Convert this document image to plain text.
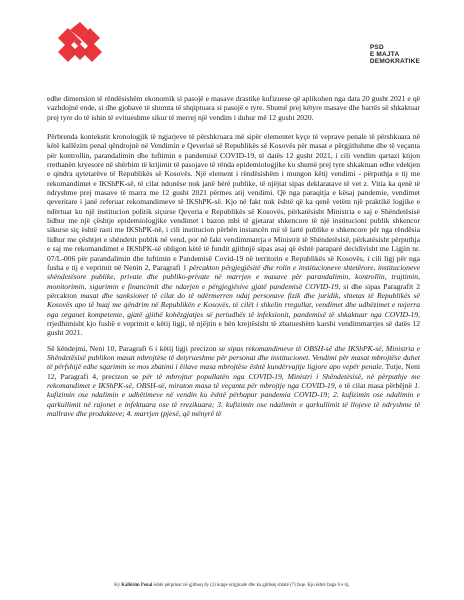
PSD
E MAJTA
DEMOKRATIKE

edhe dimension të rëndësishëm ekonomik si pasojë e masave drastike kufizuese që aplikohen nga data 20 gusht 2021 e që vazhdojnë ende, si dhe gjobave të shumta të shqiptuara si pasojë e tyre. Shumë prej këtyre masave dhe barrës së shkaktuar prej tyre do të ishin të evitueshme sikur të merrej një vendim i duhur më 12 gusht 2020.

Përbrenda kontekstit kronologjik të ngjarjeve të përshkruara më sipër elementet kyçe të veprave penale të përshkuara në këtë kallëzim penal qëndrojnë në Vendimin e Qeverisë së Republikës së Kosovës për masat e përgjithshme dhe të veçanta për kontrollin, parandalimin dhe luftimin e pandemisë COVID-19, të datës 12 gusht 2021, i cili vendim qartazi ktijon rrethanën kryesore në shërbim të krijimit të pasojave të rënda epidemiologjike ku shumë prej tyre shkaktuan edhe vdekjen e qindra qytetarëve të Republikës së Kosovës. Një element i rëndësishëm i mungon këtij vendimi - përputhja e tij me rekomandimet e IKShPK-së, të cilat ndonëse nuk janë bërë publike, të njëjtat sipas deklaratave të vet z. Vitia ka qenë të ndryshme prej masave të marra me 12 gusht 2021 përmes atij vendimi. Që nga paraqitja e kësaj pandemie, vendimet qeveritare i janë referuar rekomandimeve të IKShPK-së. Kjo në fakt nuk është që ka qenë vetëm një praktikë logjike e ndërtuar ku një institucion politik siçurse Qeveria e Republikës së Kosovës, përkatësisht Ministria e saj e Shëndetësisë lidhur me një çështje epidemiologjike vendimet i bazon mbi të gjetarat shkencore të një institucioni publik shkencor sikurse siç është rasti me IKShPK-në, i cili institucion përbën instancën më të lartë publike e shkencore për nga rëndësia lidhur me çështjet e shëndetit publik në vend, por në fakt vendimmarrja e Ministrit të Shëndetësisë, përkatësisht përputhja e saj me rekomandimet e IKShPK-së obligon këtë të fundit gjithnjë sipas asaj që është paraparé decidivisht me Ligjin nr. 07/L-006 për parandalimin dhe luftimin e Pandemisë Covid-19 në territorin e Republikës së Kosovës, i cili ligj për nga fusha e tij e veprimit në Nenin 2, Paragrafi 1 përcakton përgjegjësitë dhe rolin e institucioneve shtetërore, institucioneve shëndetësore publike, private dhe publiko-private në marrjen e masave për parandalimin, kontrollin, trajtimin, monitorimin, sigurimin e financimit dhe ndarjen e përgjegjësive gjatë pandemisë COVID-19, si dhe sipas Paragrafit 2 përcakton masat dhe sanksionet të cilat do të ndërmerren ndaj personave fizik dhe juridik, shtetas të Republikës së Kosovës apo të huaj me qëndrim në Republikën e Kosovës, të cilët i shkelin rregullat, vendimet dhe udhëzimet e nxjerra nga organet kompetente, gjatë gjithë kohëzgjatjes së periudhës të infeksionit, pandemisë të shkaktuar nga COVID-19, rrjedhimisht kjo fushë e veprimit e këtij ligji, të njëjtin e bën krejtësisht të zbatueshëm karshi vendimmarrjes së datës 12 gusht 2021.

Së këndejmi, Neni 10, Paragrafi 6 i këtij ligji precizon se sipas rekomandimeve të OBSH-së dhe IKShPK-së, Ministria e Shëndetësisë publikon masat mbrojtëse të detyrueshme për personat dhe institucionet. Vendimi për masat mbrojtëse duhet të përfshijë edhe sqarimin se mos zbatimi i ëilave masa mbrojtëse është kundërvajtje ligjore apo vepër penale. Tutje, Neni 12, Paragrafi 4, precizon se për të mbrojtur popullatën nga COVID-19, Ministri i Shëndetësisë, në përputhje me rekomandimet e IKShPK-së, OBSH-së, miraton masa të veçanta për mbrojtje nga COVID-19, e të cilat masa përbëjnë 1. kufizimin ose ndalimin e udhëtimeve në vendin ku është përhapur pandemia COVID-19; 2. kufizimin ose ndalimin e qarkullimit në rajonet e infektuara ose të rrezikuara; 3. kufizimin ose ndalimin e qarkullimit të llojeve të ndryshme të mallrave dhe produkteve; 4. marrjen (pjesë, që mënyrë të

Ky Kallëzim Penal është përpiluar në gjithsej dy (2) kopje origjinale dhe ka gjithsej shtatë (7) faqe. Kjo është faqja 6 e tij.
